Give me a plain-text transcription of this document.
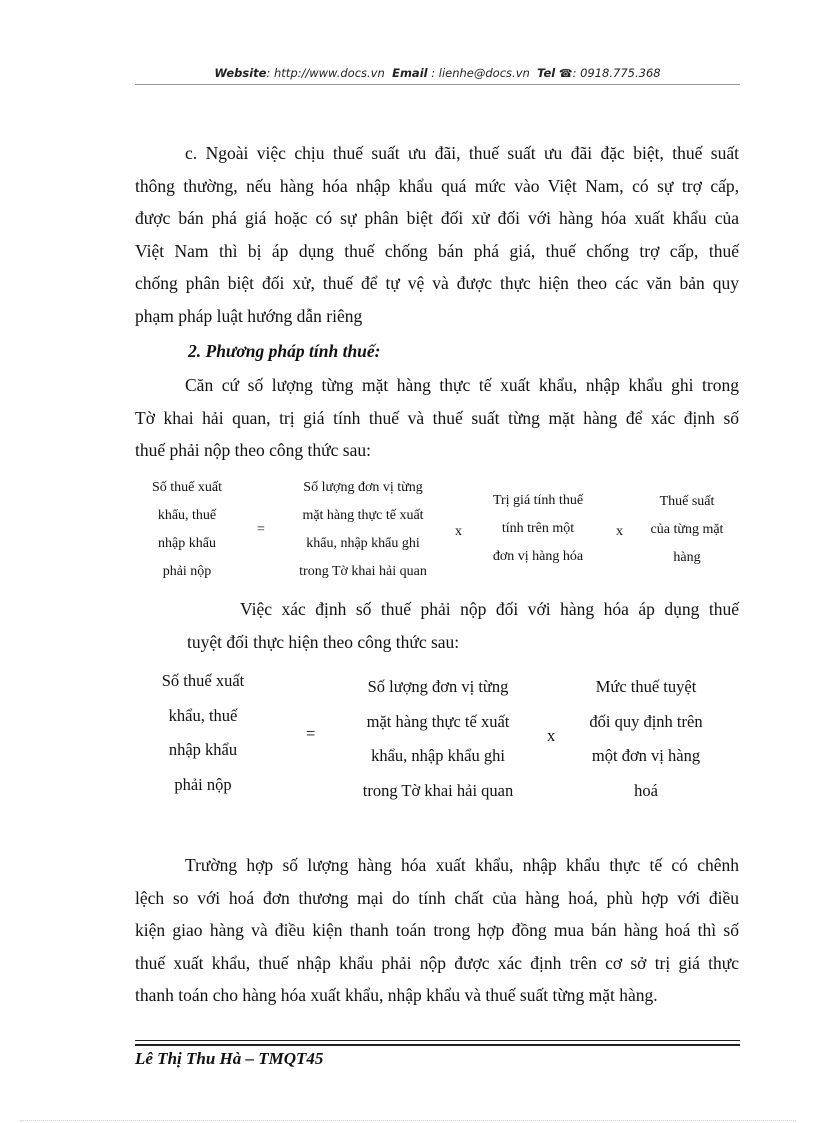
Website: http://www.docs.vn Email : lienhe@docs.vn Tel ☎: 0918.775.368
c. Ngoài việc chịu thuế suất ưu đãi, thuế suất ưu đãi đặc biệt, thuế suất
thông thường, nếu hàng hóa nhập khẩu quá mức vào Việt Nam, có sự trợ cấp,
được bán phá giá hoặc có sự phân biệt đối xử đối với hàng hóa xuất khẩu của
Việt Nam thì bị áp dụng thuế chống bán phá giá, thuế chống trợ cấp, thuế
chống phân biệt đối xử, thuế để tự vệ và được thực hiện theo các văn bản quy
phạm pháp luật hướng dẫn riêng
2. Phương pháp tính thuế:
Căn cứ số lượng từng mặt hàng thực tế xuất khẩu, nhập khẩu ghi trong
Tờ khai hải quan, trị giá tính thuế và thuế suất từng mặt hàng để xác định số
thuế phải nộp theo công thức sau:
Số thuế xuất
khẩu, thuế
nhập khẩu
phải nộp
=
Số lượng đơn vị từng
mặt hàng thực tế xuất
khẩu, nhập khẩu ghi
trong Tờ khai hải quan
x
Trị giá tính thuế
tính trên một
đơn vị hàng hóa
x
Thuế suất
của từng mặt
hàng
Việc xác định số thuế phải nộp đối với hàng hóa áp dụng thuế
tuyệt đối thực hiện theo công thức sau:
Số thuế xuất
khẩu, thuế
nhập khẩu
phải nộp
=
Số lượng đơn vị từng
mặt hàng thực tế xuất
khẩu, nhập khẩu ghi
trong Tờ khai hải quan
x
Mức thuế tuyệt
đối quy định trên
một đơn vị hàng
hoá
Trường hợp số lượng hàng hóa xuất khẩu, nhập khẩu thực tế có chênh
lệch so với hoá đơn thương mại do tính chất của hàng hoá, phù hợp với điều
kiện giao hàng và điều kiện thanh toán trong hợp đồng mua bán hàng hoá thì số
thuế xuất khẩu, thuế nhập khẩu phải nộp được xác định trên cơ sở trị giá thực
thanh toán cho hàng hóa xuất khẩu, nhập khẩu và thuế suất từng mặt hàng.
Lê Thị Thu Hà – TMQT45
